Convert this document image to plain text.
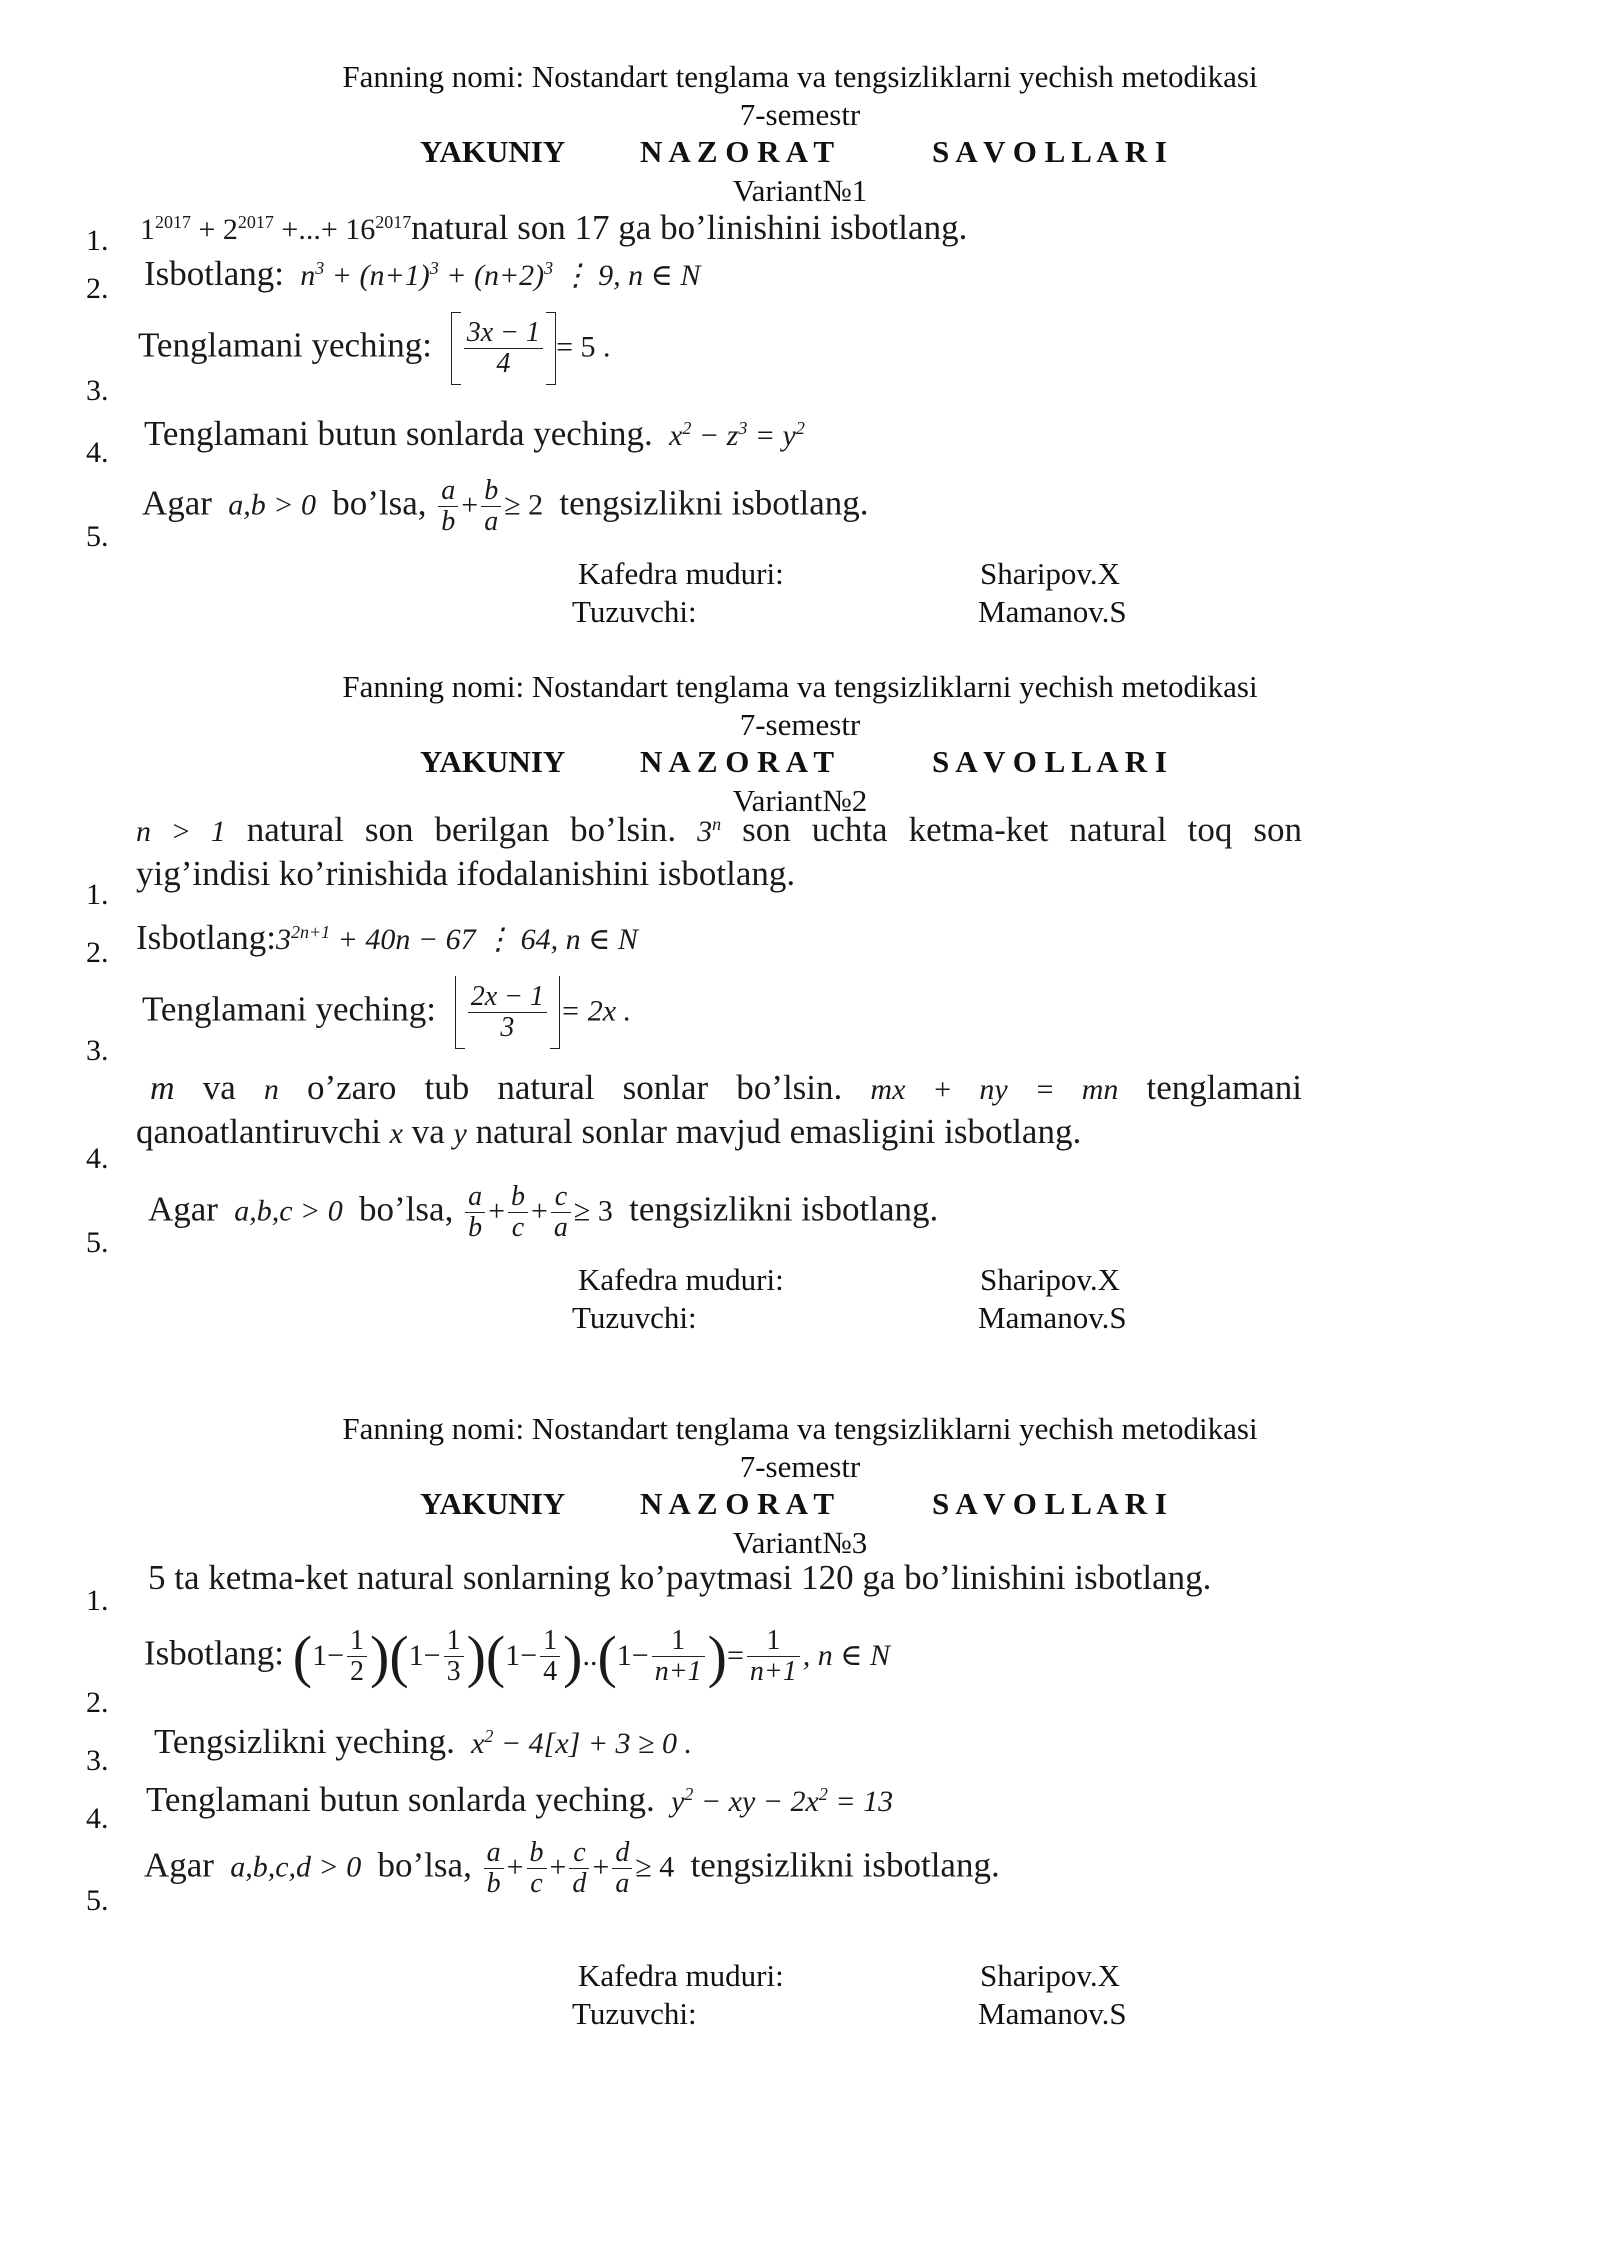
Fanning nomi: Nostandart tenglama va tengsizliklarni yechish metodikasi
7-semestr
YAKUNIY N A Z O R A T	S A V O L L A R I
Variant№1
1.
2.
3.
4.
5.
$1^{2017} + 2^{2017}$ +...+ $16^{2017}natural$ son 17 ga bo’linishini isbotlang.
Isbotlang:  $n^3 + (n+1)^3 + (n+2)^3$ ⋮ 9, n ∈ N
Tenglamani yeching: $\frac{3x - 1}{4} = 5$ .
Tenglamani butun sonlarda yeching.  $x^2 - z^3 = y^2$
Agar  a,b > 0  bo’lsa, $\frac{a}{b} + \frac{b}{a} \ge 2$  tengsizlikni isbotlang.
Kafedra muduri:	Sharipov.X
Tuzuvchi:	Mamanov.S
Fanning nomi: Nostandart tenglama va tengsizliklarni yechish metodikasi
7-semestr
YAKUNIY N A Z O R A T	S A V O L L A R I
Variant№2
1.
2.
3.
4.
5.
n > 1 natural son berilgan bo’lsin. 3$^n$ son uchta ketma-ket natural toq son
yig’indisi ko’rinishida ifodalanishini isbotlang.
$Isbotlang:3^{2n+1} + 40n - 67$ ⋮ 64, n ∈ N
Tenglamani yeching: $\frac{2x - 1}{3} = 2x$ .
m va n o’zaro tub natural sonlar bo’lsin. mx + ny = mn tenglamani
qanoatlantiruvchi x va y natural sonlar mavjud emasligini isbotlang.
Agar  a,b,c > 0  bo’lsa, $\frac{a}{b} + \frac{b}{c} + \frac{c}{a} \ge 3$  tengsizlikni isbotlang.
Kafedra muduri:	Sharipov.X
Tuzuvchi:	Mamanov.S
Fanning nomi: Nostandart tenglama va tengsizliklarni yechish metodikasi
7-semestr
YAKUNIY N A Z O R A T	S A V O L L A R I
Variant№3
1.
2.
3.
4.
5.
5 ta ketma-ket natural sonlarning ko’paytmasi 120 ga bo’linishini isbotlang.
Isbotlang: $(1- \frac{1}{2} )(1- \frac{1}{3} )(1- \frac{1}{4} )..(1- \frac{1}{n+1}$ )= $\frac{1}{n+1}$ , n ∈ N
Tengsizlikni yeching.  $x^2 - 4[x] + 3 \ge 0$ .
Tenglamani butun sonlarda yeching.  $y^2$ − xy − $2x^2 = 13$
Agar  a,b,c,d > 0  bo’lsa, $\frac{a}{b} + \frac{b}{c} + \frac{c}{d} + \frac{d}{a} \ge 4$  tengsizlikni isbotlang.
Kafedra muduri:	Sharipov.X
Tuzuvchi:	Mamanov.S
